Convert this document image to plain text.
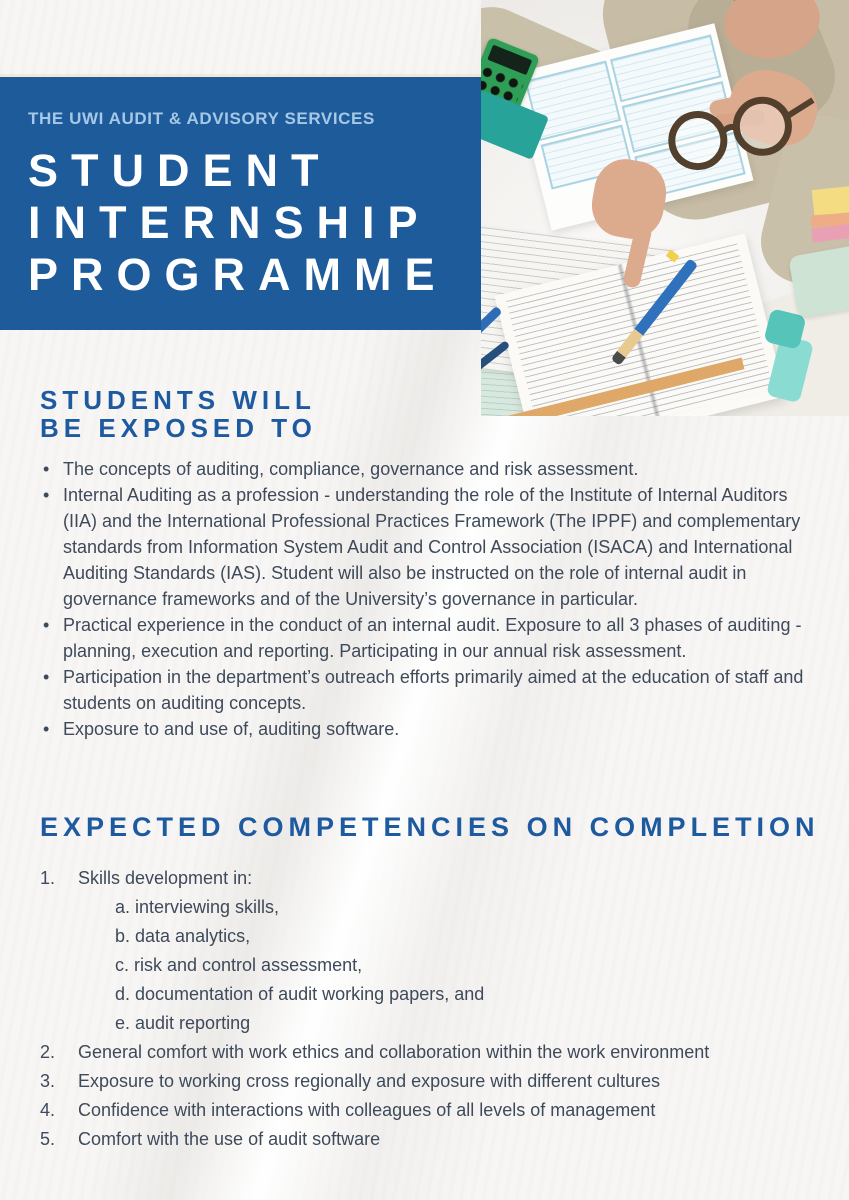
THE UWI AUDIT & ADVISORY SERVICES
STUDENT
INTERNSHIP
PROGRAMME
STUDENTS WILL
BE EXPOSED TO
• The concepts of auditing, compliance, governance and risk assessment.
• Internal Auditing as a profession - understanding the role of the Institute of Internal Auditors (IIA) and the International Professional Practices Framework (The IPPF) and complementary standards from Information System Audit and Control Association (ISACA) and International Auditing Standards (IAS). Student will also be instructed on the role of internal audit in governance frameworks and of the University’s governance in particular.
• Practical experience in the conduct of an internal audit. Exposure to all 3 phases of auditing - planning, execution and reporting. Participating in our annual risk assessment.
• Participation in the department’s outreach efforts primarily aimed at the education of staff and students on auditing concepts.
• Exposure to and use of, auditing software.
EXPECTED COMPETENCIES ON COMPLETION
1.	Skills development in:
a. interviewing skills,
b. data analytics,
c. risk and control assessment,
d. documentation of audit working papers, and
e. audit reporting
2.	General comfort with work ethics and collaboration within the work environment
3.	Exposure to working cross regionally and exposure with different cultures
4.	Confidence with interactions with colleagues of all levels of management
5.	Comfort with the use of audit software
